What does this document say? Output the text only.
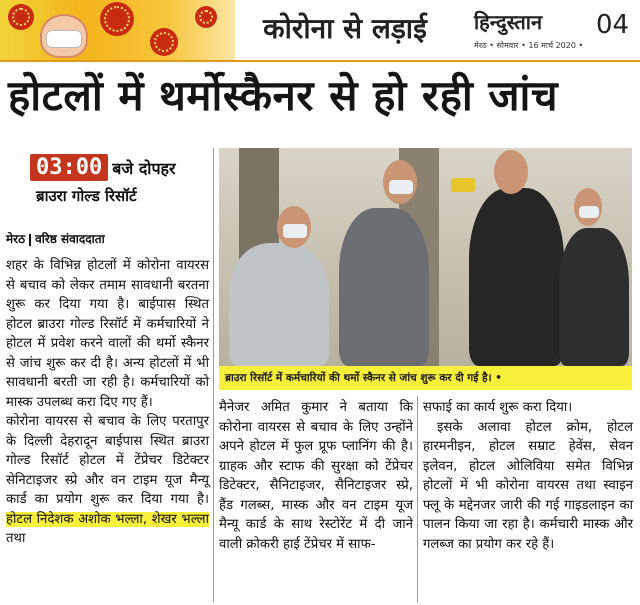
कोरोना से लड़ाई	हिन्दुस्तान 04
मेरठ • सोमवार • 16 मार्च 2020 •
होटलों में थर्मोस्कैनर से हो रही जांच
03:00 बजे दोपहर
ब्राउरा गोल्ड रिसॉर्ट
मेरठ वरिष्ठ संवाददाता
ब्राउरा रिसॉर्ट में कर्मचारियों की थर्मो स्कैनर से जांच शुरू कर दी गई है। •

शहर के विभिन्न होटलों में कोरोना वायरस से बचाव को लेकर तमाम सावधानी बरतना शुरू कर दिया गया है। बाईपास स्थित होटल ब्राउरा गोल्ड रिसॉर्ट में कर्मचारियों ने होटल में प्रवेश करने वालों की थर्मो स्कैनर से जांच शुरू कर दी है। अन्य होटलों में भी सावधानी बरती जा रही है। कर्मचारियों को मास्क उपलब्ध करा दिए गए हैं।

कोरोना वायरस से बचाव के लिए परतापुर के दिल्ली देहरादून बाईपास स्थित ब्राउरा गोल्ड रिसॉर्ट होटल में टेंप्रेचर डिटेक्टर सेनिटाइजर स्प्रे और वन टाइम यूज मैन्यू कार्ड का प्रयोग शुरू कर दिया गया है। होटल निदेशक अशोक भल्ला, शेखर भल्ला तथा

मैनेजर अमित कुमार ने बताया कि कोरोना वायरस से बचाव के लिए उन्होंने अपने होटल में फुल प्रूफ प्लानिंग की है। ग्राहक और स्टाफ की सुरक्षा को टेंप्रेचर डिटेक्टर, सैनिटाइजर, सैनिटाइजर स्प्रे, हैंड गलब्स, मास्क और वन टाइम यूज मैन्यू कार्ड के साथ रेस्टोरेंट में दी जाने वाली क्रोकरी हाई टेंप्रेचर में साफ-

सफाई का कार्य शुरू करा दिया।

इसके अलावा होटल क्रोम, होटल हारमनीइन, होटल सम्राट हेवेंस, सेवन इलेवन, होटल ओलिविया समेत विभिन्न होटलों में भी कोरोना वायरस तथा स्वाइन फ्लू के मद्देनजर जारी की गई गाइडलाइन का पालन किया जा रहा है। कर्मचारी मास्क और गलब्ज का प्रयोग कर रहे हैं।
